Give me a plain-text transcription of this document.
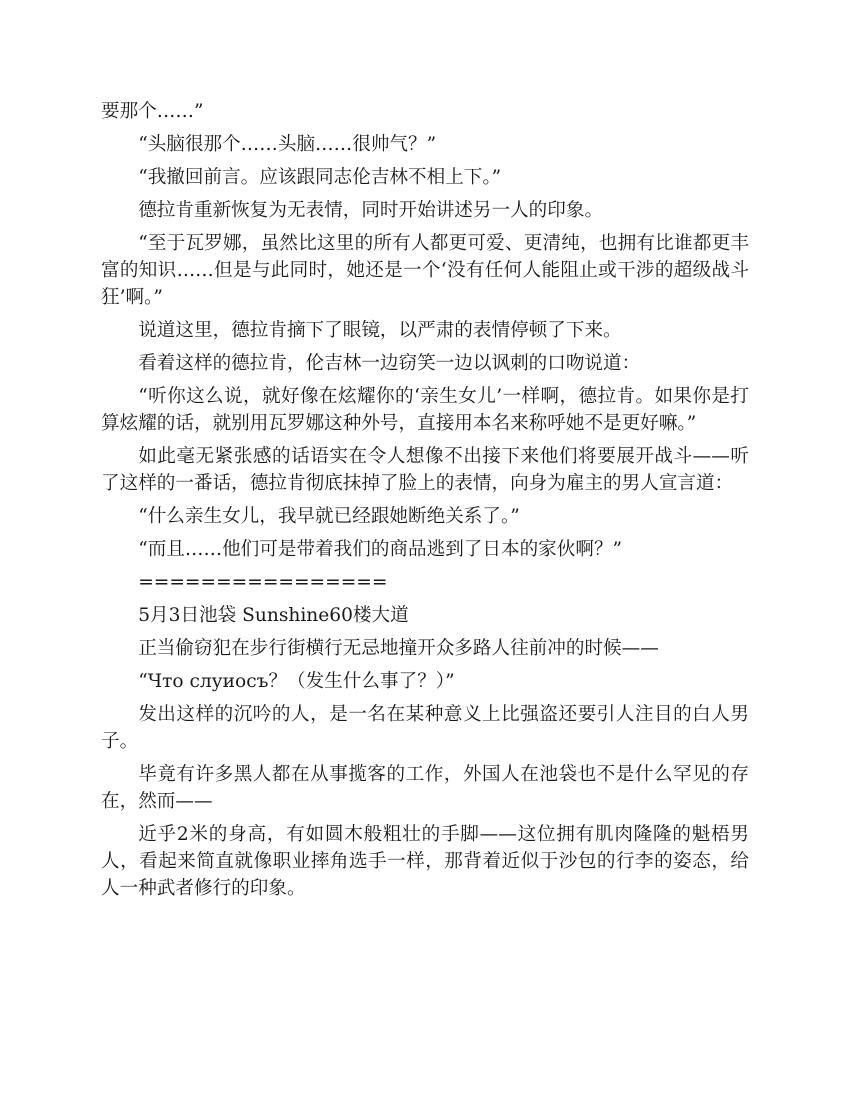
要那个……”

“头脑很那个……头脑……很帅气？”

“我撤回前言。应该跟同志伦吉林不相上下。”

德拉肯重新恢复为无表情，同时开始讲述另一人的印象。

“至于瓦罗娜，虽然比这里的所有人都更可爱、更清纯，也拥有比谁都更丰富的知识……但是与此同时，她还是一个‘没有任何人能阻止或干涉的超级战斗狂’啊。”

说道这里，德拉肯摘下了眼镜，以严肃的表情停顿了下来。

看着这样的德拉肯，伦吉林一边窃笑一边以讽刺的口吻说道：

“听你这么说，就好像在炫耀你的‘亲生女儿’一样啊，德拉肯。如果你是打算炫耀的话，就别用瓦罗娜这种外号，直接用本名来称呼她不是更好嘛。”

如此毫无紧张感的话语实在令人想像不出接下来他们将要展开战斗——听了这样的一番话，德拉肯彻底抹掉了脸上的表情，向身为雇主的男人宣言道：

“什么亲生女儿，我早就已经跟她断绝关系了。”

“而且……他们可是带着我们的商品逃到了日本的家伙啊？”

================

5月3日池袋 Sunshine60楼大道

正当偷窃犯在步行街横行无忌地撞开众多路人往前冲的时候——

“Что слуиосъ？（发生什么事了？）”

发出这样的沉吟的人，是一名在某种意义上比强盗还要引人注目的白人男子。

毕竟有许多黑人都在从事揽客的工作，外国人在池袋也不是什么罕见的存在，然而——

近乎2米的身高，有如圆木般粗壮的手脚——这位拥有肌肉隆隆的魁梧男人，看起来简直就像职业摔角选手一样，那背着近似于沙包的行李的姿态，给人一种武者修行的印象。
